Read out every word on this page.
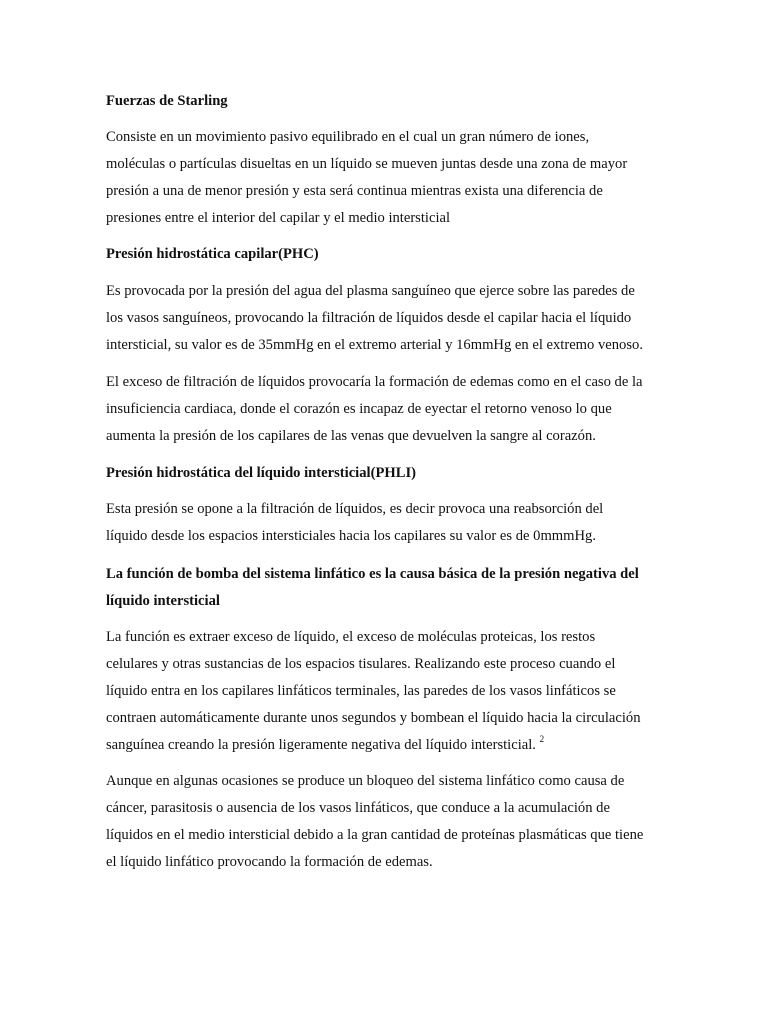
Fuerzas de Starling

Consiste en un movimiento pasivo equilibrado en el cual un gran número de iones,
moléculas o partículas disueltas en un líquido se mueven juntas desde una zona de mayor
presión a una de menor presión y esta será continua mientras exista una diferencia de
presiones entre el interior del capilar y el medio intersticial

Presión hidrostática capilar(PHC)

Es provocada por la presión del agua del plasma sanguíneo que ejerce sobre las paredes de
los vasos sanguíneos, provocando la filtración de líquidos desde el capilar hacia el líquido
intersticial, su valor es de 35mmHg en el extremo arterial y 16mmHg en el extremo venoso.

El exceso de filtración de líquidos provocaría la formación de edemas como en el caso de la
insuficiencia cardiaca, donde el corazón es incapaz de eyectar el retorno venoso lo que
aumenta la presión de los capilares de las venas que devuelven la sangre al corazón.

Presión hidrostática del líquido intersticial(PHLI)

Esta presión se opone a la filtración de líquidos, es decir provoca una reabsorción del
líquido desde los espacios intersticiales hacia los capilares su valor es de 0mmmHg.

La función de bomba del sistema linfático es la causa básica de la presión negativa del
líquido intersticial

La función es extraer exceso de líquido, el exceso de moléculas proteicas, los restos
celulares y otras sustancias de los espacios tisulares. Realizando este proceso cuando el
líquido entra en los capilares linfáticos terminales, las paredes de los vasos linfáticos se
contraen automáticamente durante unos segundos y bombean el líquido hacia la circulación
sanguínea creando la presión ligeramente negativa del líquido intersticial. $^2$

Aunque en algunas ocasiones se produce un bloqueo del sistema linfático como causa de
cáncer, parasitosis o ausencia de los vasos linfáticos, que conduce a la acumulación de
líquidos en el medio intersticial debido a la gran cantidad de proteínas plasmáticas que tiene
el líquido linfático provocando la formación de edemas.
